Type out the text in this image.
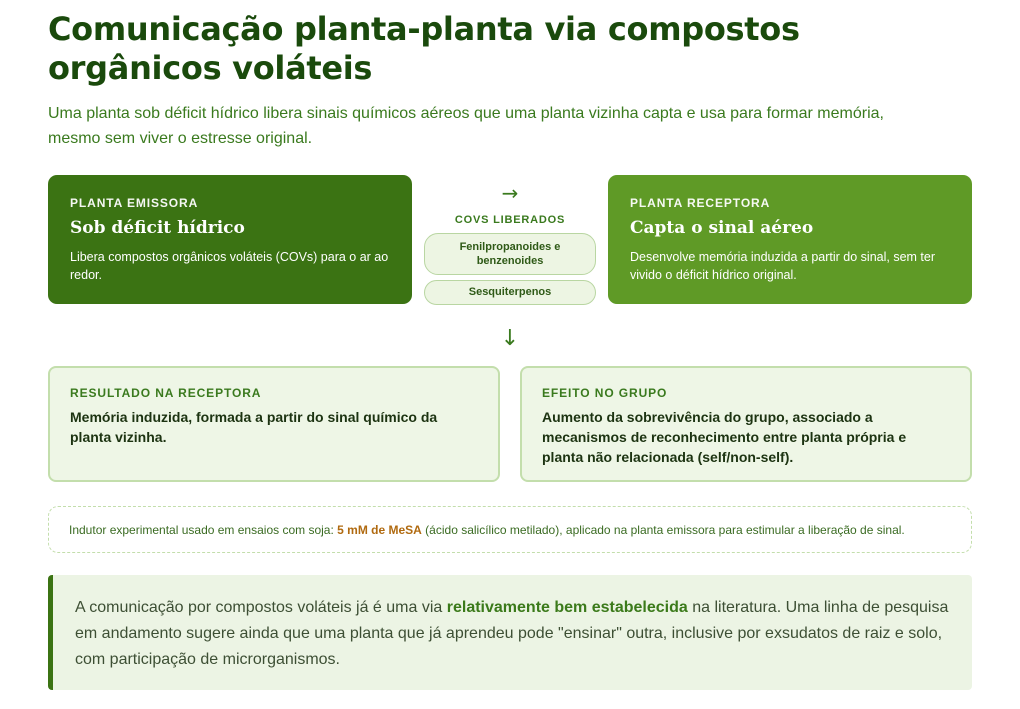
Comunicação planta-planta via compostos orgânicos voláteis

Uma planta sob déficit hídrico libera sinais químicos aéreos que uma planta vizinha capta e usa para formar memória, mesmo sem viver o estresse original.

PLANTA EMISSORA
Sob déficit hídrico
Libera compostos orgânicos voláteis (COVs) para o ar ao redor.
→
COVS LIBERADOS
Fenilpropanoides e benzenoides
Sesquiterpenos
PLANTA RECEPTORA
Capta o sinal aéreo
Desenvolve memória induzida a partir do sinal, sem ter vivido o déficit hídrico original.
↓
RESULTADO NA RECEPTORA
Memória induzida, formada a partir do sinal químico da planta vizinha.
EFEITO NO GRUPO
Aumento da sobrevivência do grupo, associado a mecanismos de reconhecimento entre planta própria e planta não relacionada (self/non-self).
Indutor experimental usado em ensaios com soja: 5 mM de MeSA (ácido salicílico metilado), aplicado na planta emissora para estimular a liberação de sinal.
A comunicação por compostos voláteis já é uma via relativamente bem estabelecida na literatura. Uma linha de pesquisa em andamento sugere ainda que uma planta que já aprendeu pode "ensinar" outra, inclusive por exsudatos de raiz e solo, com participação de microrganismos.
